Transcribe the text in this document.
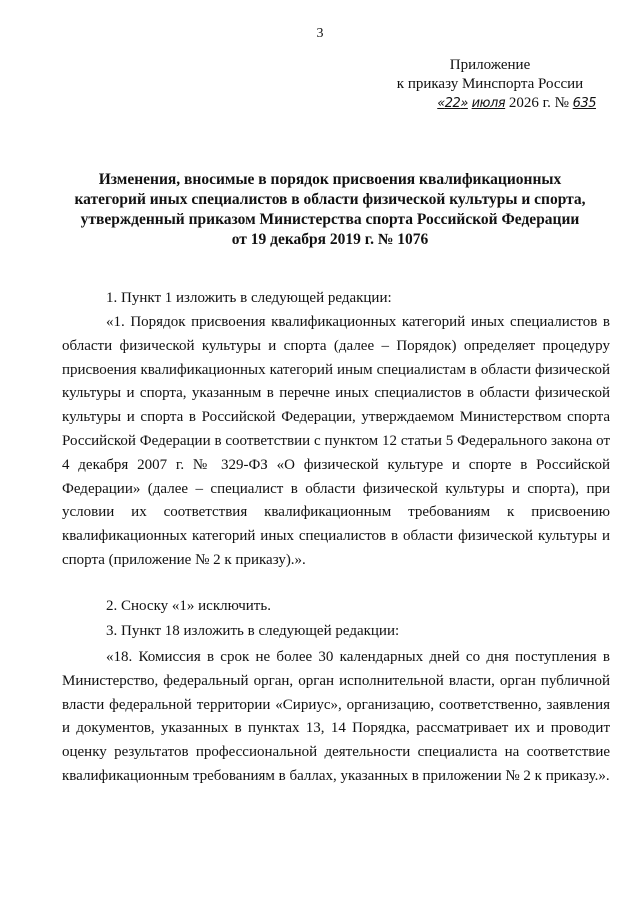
3
Приложение
к приказу Минспорта России
«22» июля 2026 г. № 635
Изменения, вносимые в порядок присвоения квалификационных
категорий иных специалистов в области физической культуры и спорта,
утвержденный приказом Министерства спорта Российской Федерации
от 19 декабря 2019 г. № 1076

1. Пункт 1 изложить в следующей редакции:

«1. Порядок присвоения квалификационных категорий иных специалистов в области физической культуры и спорта (далее – Порядок) определяет процедуру присвоения квалификационных категорий иным специалистам в области физической культуры и спорта, указанным в перечне иных специалистов в области физической культуры и спорта в Российской Федерации, утверждаемом Министерством спорта Российской Федерации в соответствии с пунктом 12 статьи 5 Федерального закона от 4 декабря 2007 г. № 329-ФЗ «О физической культуре и спорте в Российской Федерации» (далее – специалист в области физической культуры и спорта), при условии их соответствия квалификационным требованиям к присвоению квалификационных категорий иных специалистов в области физической культуры и спорта (приложение № 2 к приказу).».

2. Сноску «1» исключить.

3. Пункт 18 изложить в следующей редакции:

«18. Комиссия в срок не более 30 календарных дней со дня поступления в Министерство, федеральный орган, орган исполнительной власти, орган публичной власти федеральной территории «Сириус», организацию, соответственно, заявления и документов, указанных в пунктах 13, 14 Порядка, рассматривает их и проводит оценку результатов профессиональной деятельности специалиста на соответствие квалификационным требованиям в баллах, указанных в приложении № 2 к приказу.».
